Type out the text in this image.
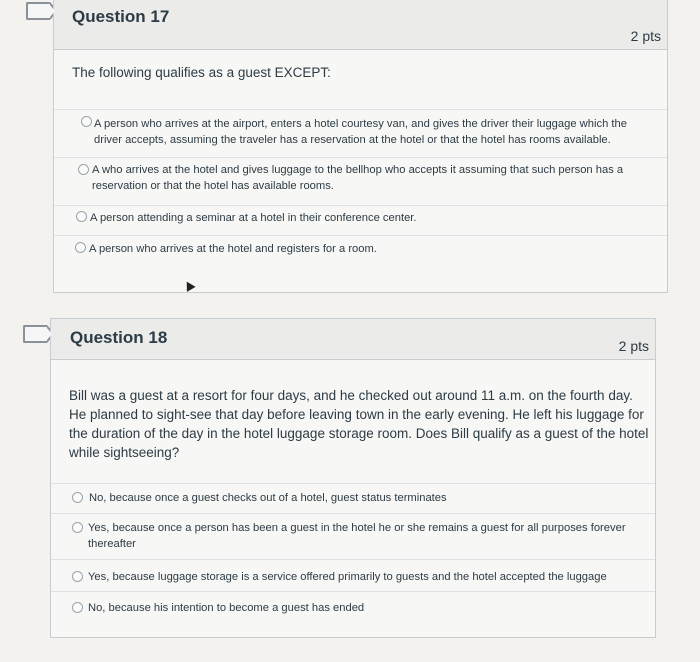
Question 17
2 pts
The following qualifies as a guest EXCEPT:
A person who arrives at the airport, enters a hotel courtesy van, and gives the driver their luggage which the driver accepts, assuming the traveler has a reservation at the hotel or that the hotel has rooms available.
A who arrives at the hotel and gives luggage to the bellhop who accepts it assuming that such person has a reservation or that the hotel has available rooms.
A person attending a seminar at a hotel in their conference center.
A person who arrives at the hotel and registers for a room.
Question 18	2 pts
Bill was a guest at a resort for four days, and he checked out around 11 a.m. on the fourth day. He planned to sight-see that day before leaving town in the early evening. He left his luggage for the duration of the day in the hotel luggage storage room. Does Bill qualify as a guest of the hotel while sightseeing?
No, because once a guest checks out of a hotel, guest status terminates
Yes, because once a person has been a guest in the hotel he or she remains a guest for all purposes forever thereafter
Yes, because luggage storage is a service offered primarily to guests and the hotel accepted the luggage
No, because his intention to become a guest has ended
